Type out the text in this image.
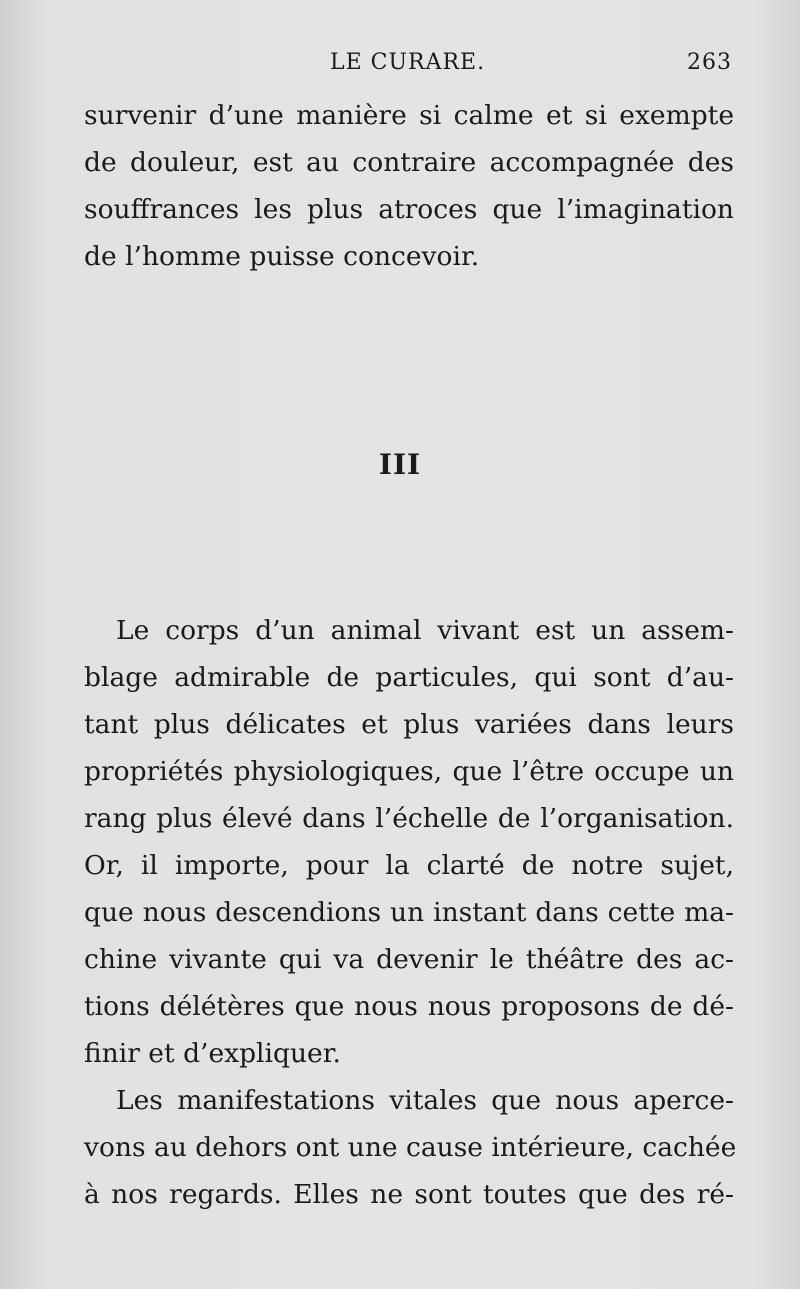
LE CURARE.	263
survenir d’une manière si calme et si exempte
de douleur, est au contraire accompagnée des
souffrances les plus atroces que l’imagination
de l’homme puisse concevoir.
III
Le corps d’un animal vivant est un assem-
blage admirable de particules, qui sont d’au-
tant plus délicates et plus variées dans leurs
propriétés physiologiques, que l’être occupe un
rang plus élevé dans l’échelle de l’organisation.
Or, il importe, pour la clarté de notre sujet,
que nous descendions un instant dans cette ma-
chine vivante qui va devenir le théâtre des ac-
tions délétères que nous nous proposons de dé-
finir et d’expliquer.
Les manifestations vitales que nous aperce-
vons au dehors ont une cause intérieure, cachée
à nos regards. Elles ne sont toutes que des ré-
